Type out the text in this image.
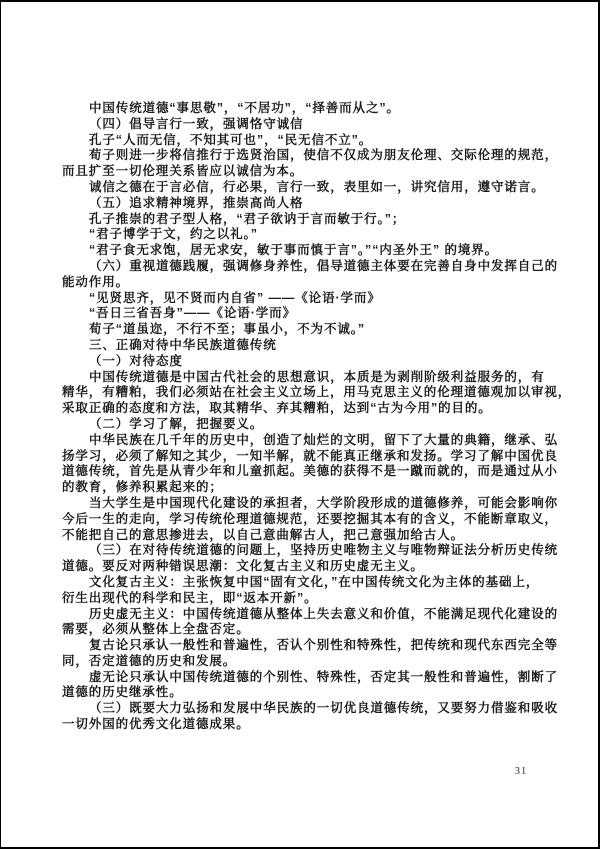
中国传统道德“事思敬”，“不居功”，“择善而从之”。
（四）倡导言行一致，强调恪守诚信
孔子“人而无信，不知其可也”，“民无信不立”。
荀子则进一步将信推行于选贤治国，使信不仅成为朋友伦理、交际伦理的规范，
而且扩至一切伦理关系皆应以诚信为本。
诚信之德在于言必信，行必果，言行一致，表里如一，讲究信用，遵守诺言。
（五）追求精神境界，推崇高尚人格
孔子推崇的君子型人格，“君子欲讷于言而敏于行。”；
“君子博学于文，约之以礼。”
“君子食无求饱，居无求安，敏于事而慎于言”。”“内圣外王” 的境界。
（六）重视道德践履，强调修身养性，倡导道德主体要在完善自身中发挥自己的
能动作用。
“见贤思齐，见不贤而内自省” ——《论语·学而》
“吾日三省吾身”——《论语·学而》
荀子“道虽迩，不行不至；事虽小，不为不诚。”
三、正确对待中华民族道德传统
（一）对待态度
中国传统道德是中国古代社会的思想意识，本质是为剥削阶级利益服务的，有
精华，有糟粕，我们必须站在社会主义立场上，用马克思主义的伦理道德观加以审视，
采取正确的态度和方法，取其精华、弃其糟粕，达到“古为今用”的目的。
（二）学习了解，把握要义。
中华民族在几千年的历史中，创造了灿烂的文明，留下了大量的典籍，继承、弘
扬学习，必须了解知之其少，一知半解，就不能真正继承和发扬。学习了解中国优良
道德传统，首先是从青少年和儿童抓起。美德的获得不是一蹴而就的，而是通过从小
的教育，修养积累起来的；
当大学生是中国现代化建设的承担者，大学阶段形成的道德修养，可能会影响你
今后一生的走向，学习传统伦理道德规范，还要挖掘其本有的含义，不能断章取义，
不能把自己的意思掺进去，以自己意曲解古人，把己意强加给古人。
（三）在对待传统道德的问题上，坚持历史唯物主义与唯物辩证法分析历史传统
道德。要反对两种错误思潮：文化复古主义和历史虚无主义。
文化复古主义：主张恢复中国“固有文化，”在中国传统文化为主体的基础上，
衍生出现代的科学和民主，即“返本开新”。
历史虚无主义：中国传统道德从整体上失去意义和价值，不能满足现代化建设的
需要，必须从整体上全盘否定。
复古论只承认一般性和普遍性，否认个别性和特殊性，把传统和现代东西完全等
同，否定道德的历史和发展。
虚无论只承认中国传统道德的个别性、特殊性，否定其一般性和普遍性，割断了
道德的历史继承性。
（三）既要大力弘扬和发展中华民族的一切优良道德传统，又要努力借鉴和吸收
一切外国的优秀文化道德成果。
31
